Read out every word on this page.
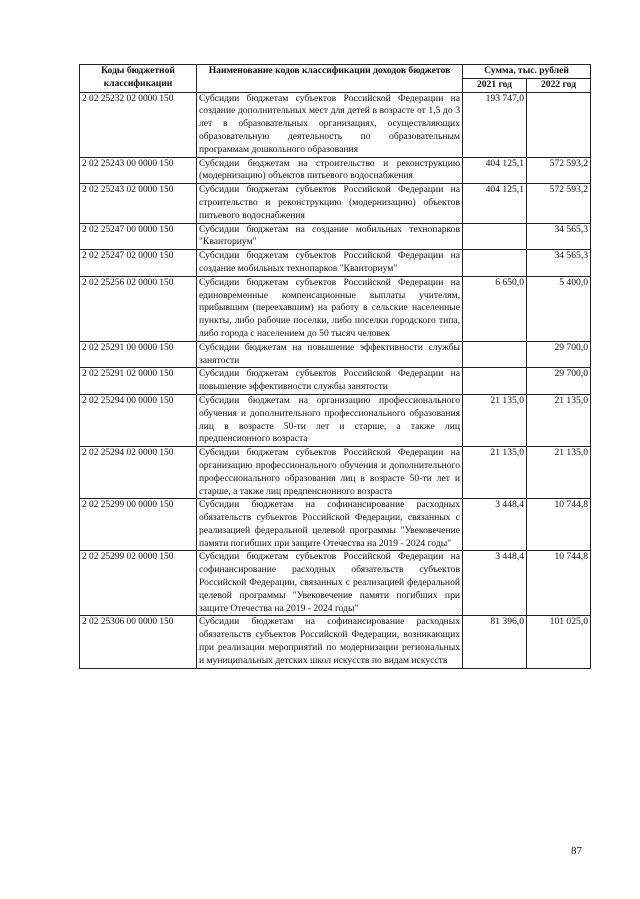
Коды бюджетной классификации	Наименование кодов классификации доходов бюджетов	Сумма, тыс. рублей	
		2021 год	2022 год
2 02 25232 02 0000 150	Субсидии бюджетам субъектов Российской Федерации на создание дополнительных мест для детей в возрасте от 1,5 до 3 лет в образовательных организациях, осуществляющих образовательную деятельность по образовательным программам дошкольного образования	193 747,0	
2 02 25243 00 0000 150	Субсидии бюджетам на строительство и реконструкцию (модернизацию) объектов питьевого водоснабжения	404 125,1	572 593,2
2 02 25243 02 0000 150	Субсидии бюджетам субъектов Российской Федерации на строительство и реконструкцию (модернизацию) объектов питьевого водоснабжения	404 125,1	572 593,2
2 02 25247 00 0000 150	Субсидии бюджетам на создание мобильных технопарков "Кванториум"		34 565,3
2 02 25247 02 0000 150	Субсидии бюджетам субъектов Российской Федерации на создание мобильных технопарков "Кванториум"		34 565,3
2 02 25256 02 0000 150	Субсидии бюджетам субъектов Российской Федерации на единовременные компенсационные выплаты учителям, прибывшим (переехавшим) на работу в сельские населенные пункты, либо рабочие поселки, либо поселки городского типа, либо города с населением до 50 тысяч человек	6 650,0	5 400,0
2 02 25291 00 0000 150	Субсидии бюджетам на повышение эффективности службы занятости		29 700,0
2 02 25291 02 0000 150	Субсидии бюджетам субъектов Российской Федерации на повышение эффективности службы занятости		29 700,0
2 02 25294 00 0000 150	Субсидии бюджетам на организацию профессионального обучения и дополнительного профессионального образования лиц в возрасте 50-ти лет и старше, а также лиц предпенсионного возраста	21 135,0	21 135,0
2 02 25294 02 0000 150	Субсидии бюджетам субъектов Российской Федерации на организацию профессионального обучения и дополнительного профессионального образования лиц в возрасте 50-ти лет и старше, а также лиц предпенсионного возраста	21 135,0	21 135,0
2 02 25299 00 0000 150	Субсидии бюджетам на софинансирование расходных обязательств субъектов Российской Федерации, связанных с реализацией федеральной целевой программы "Увековечение памяти погибших при защите Отечества на 2019 - 2024 годы"	3 448,4	10 744,8
2 02 25299 02 0000 150	Субсидии бюджетам субъектов Российской Федерации на софинансирование расходных обязательств субъектов Российской Федерации, связанных с реализацией федеральной целевой программы "Увековечение памяти погибших при защите Отечества на 2019 - 2024 годы"	3 448,4	10 744,8
2 02 25306 00 0000 150	Субсидии бюджетам на софинансирование расходных обязательств субъектов Российской Федерации, возникающих при реализации мероприятий по модернизации региональных и муниципальных детских школ искусств по видам искусств	81 396,0	101 025,0
87
